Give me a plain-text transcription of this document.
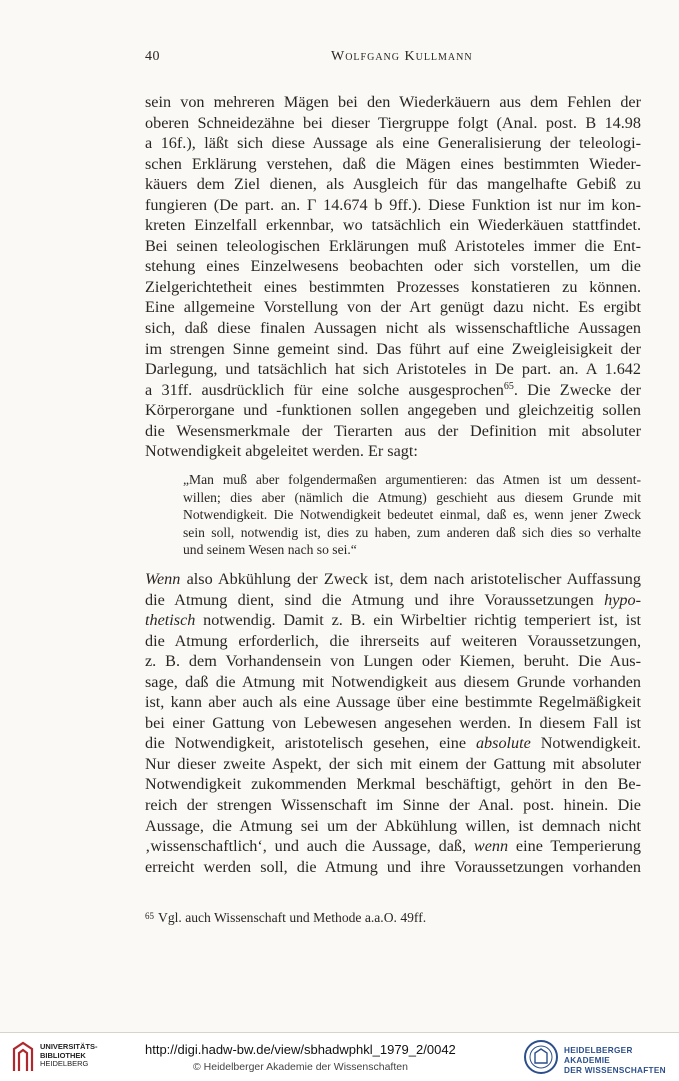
40	Wolfgang Kullmann
sein von mehreren Mägen bei den Wiederkäuern aus dem Fehlen der
oberen Schneidezähne bei dieser Tiergruppe folgt (Anal. post. B 14.98
a 16f.), läßt sich diese Aussage als eine Generalisierung der teleologi-
schen Erklärung verstehen, daß die Mägen eines bestimmten Wieder-
käuers dem Ziel dienen, als Ausgleich für das mangelhafte Gebiß zu
fungieren (De part. an. Γ 14.674 b 9ff.). Diese Funktion ist nur im kon-
kreten Einzelfall erkennbar, wo tatsächlich ein Wiederkäuen stattfindet.
Bei seinen teleologischen Erklärungen muß Aristoteles immer die Ent-
stehung eines Einzelwesens beobachten oder sich vorstellen, um die
Zielgerichtetheit eines bestimmten Prozesses konstatieren zu können.
Eine allgemeine Vorstellung von der Art genügt dazu nicht. Es ergibt
sich, daß diese finalen Aussagen nicht als wissenschaftliche Aussagen
im strengen Sinne gemeint sind. Das führt auf eine Zweigleisigkeit der
Darlegung, und tatsächlich hat sich Aristoteles in De part. an. A 1.642
a 31ff. ausdrücklich für eine solche ausgesprochen$^{65}$. Die Zwecke der
Körperorgane und -funktionen sollen angegeben und gleichzeitig sollen
die Wesensmerkmale der Tierarten aus der Definition mit absoluter
Notwendigkeit abgeleitet werden. Er sagt:
„Man muß aber folgendermaßen argumentieren: das Atmen ist um dessent-
willen; dies aber (nämlich die Atmung) geschieht aus diesem Grunde mit
Notwendigkeit. Die Notwendigkeit bedeutet einmal, daß es, wenn jener Zweck
sein soll, notwendig ist, dies zu haben, zum anderen daß sich dies so verhalte
und seinem Wesen nach so sei.“
Wenn also Abkühlung der Zweck ist, dem nach aristotelischer Auffassung
die Atmung dient, sind die Atmung und ihre Voraussetzungen hypo-
thetisch notwendig. Damit z. B. ein Wirbeltier richtig temperiert ist, ist
die Atmung erforderlich, die ihrerseits auf weiteren Voraussetzungen,
z. B. dem Vorhandensein von Lungen oder Kiemen, beruht. Die Aus-
sage, daß die Atmung mit Notwendigkeit aus diesem Grunde vorhanden
ist, kann aber auch als eine Aussage über eine bestimmte Regelmäßigkeit
bei einer Gattung von Lebewesen angesehen werden. In diesem Fall ist
die Notwendigkeit, aristotelisch gesehen, eine absolute Notwendigkeit.
Nur dieser zweite Aspekt, der sich mit einem der Gattung mit absoluter
Notwendigkeit zukommenden Merkmal beschäftigt, gehört in den Be-
reich der strengen Wissenschaft im Sinne der Anal. post. hinein. Die
Aussage, die Atmung sei um der Abkühlung willen, ist demnach nicht
‚wissenschaftlich‘, und auch die Aussage, daß, wenn eine Temperierung
erreicht werden soll, die Atmung und ihre Voraussetzungen vorhanden
$^{65}$ Vgl. auch Wissenschaft und Methode a.a.O. 49ff.
UNIVERSITÄTS-
BIBLIOTHEK
HEIDELBERG
http://digi.hadw-bw.de/view/sbhadwphkl_1979_2/0042
© Heidelberger Akademie der Wissenschaften
HEIDELBERGER AKADEMIE
DER WISSENSCHAFTEN
